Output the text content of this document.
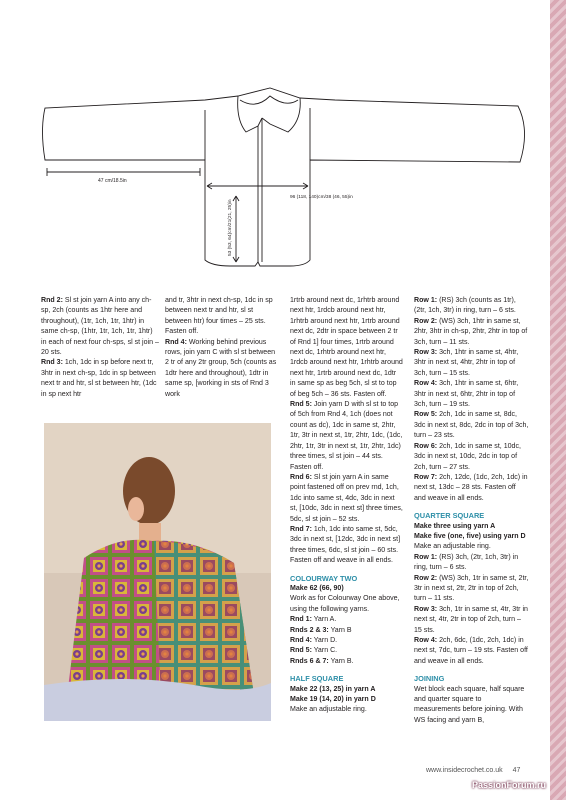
47 cm/18.5in
96 (118, 140)cm/38 (46, 55)in
53 (53, 64)cm/21(21, 25)in

Rnd 2: Sl st join yarn A into any ch-sp, 2ch (counts as 1htr here and throughout), (1tr, 1ch, 1tr, 1htr) in same ch-sp, (1htr, 1tr, 1ch, 1tr, 1htr) in each of next four ch-sps, sl st join – 20 sts.

Rnd 3: 1ch, 1dc in sp before next tr, 3htr in next ch-sp, 1dc in sp between next tr and htr, sl st between htr, (1dc in sp next htr

and tr, 3htr in next ch-sp, 1dc in sp between next tr and htr, sl st between htr) four times – 25 sts. Fasten off.

Rnd 4: Working behind previous rows, join yarn C with sl st between 2 tr of any 2tr group, 5ch (counts as 1dtr here and throughout), 1dtr in same sp, [working in sts of Rnd 3 work

1rtrb around next dc, 1rhtrb around next htr, 1rdcb around next htr, 1rhtrb around next htr, 1rtrb around next dc, 2dtr in space between 2 tr of Rnd 1] four times, 1rtrb around next dc, 1rhtrb around next htr, 1rdcb around next htr, 1rhtrb around next htr, 1rtrb around next dc, 1dtr in same sp as beg 5ch, sl st to top of beg 5ch – 36 sts. Fasten off.

Rnd 5: Join yarn D with sl st to top of 5ch from Rnd 4, 1ch (does not count as dc), 1dc in same st, 2htr, 1tr, 3tr in next st, 1tr, 2htr, 1dc, (1dc, 2htr, 1tr, 3tr in next st, 1tr, 2htr, 1dc) three times, sl st join – 44 sts. Fasten off.

Rnd 6: Sl st join yarn A in same point fastened off on prev rnd, 1ch, 1dc into same st, 4dc, 3dc in next st, [10dc, 3dc in next st] three times, 5dc, sl st join – 52 sts.

Rnd 7: 1ch, 1dc into same st, 5dc, 3dc in next st, [12dc, 3dc in next st] three times, 6dc, sl st join – 60 sts. Fasten off and weave in all ends.

COLOURWAY TWO

Make 62 (66, 90)

Work as for Colourway One above, using the following yarns.

Rnd 1: Yarn A.

Rnds 2 & 3: Yarn B

Rnd 4: Yarn D.

Rnd 5: Yarn C.

Rnds 6 & 7: Yarn B.

HALF SQUARE

Make 22 (13, 25) in yarn A

Make 19 (14, 20) in yarn D

Make an adjustable ring.

Row 1: (RS) 3ch (counts as 1tr), (2tr, 1ch, 3tr) in ring, turn – 6 sts.

Row 2: (WS) 3ch, 1htr in same st, 2htr, 3htr in ch-sp, 2htr, 2htr in top of 3ch, turn – 11 sts.

Row 3: 3ch, 1htr in same st, 4htr, 3htr in next st, 4htr, 2htr in top of 3ch, turn – 15 sts.

Row 4: 3ch, 1htr in same st, 6htr, 3htr in next st, 6htr, 2htr in top of 3ch, turn – 19 sts.

Row 5: 2ch, 1dc in same st, 8dc, 3dc in next st, 8dc, 2dc in top of 3ch, turn – 23 sts.

Row 6: 2ch, 1dc in same st, 10dc, 3dc in next st, 10dc, 2dc in top of 2ch, turn – 27 sts.

Row 7: 2ch, 12dc, (1dc, 2ch, 1dc) in next st, 13dc – 28 sts. Fasten off and weave in all ends.

QUARTER SQUARE

Make three using yarn A

Make five (one, five) using yarn D

Make an adjustable ring.

Row 1: (RS) 3ch, (2tr, 1ch, 3tr) in ring, turn – 6 sts.

Row 2: (WS) 3ch, 1tr in same st, 2tr, 3tr in next st, 2tr, 2tr in top of 2ch, turn – 11 sts.

Row 3: 3ch, 1tr in same st, 4tr, 3tr in next st, 4tr, 2tr in top of 2ch, turn – 15 sts.

Row 4: 2ch, 6dc, (1dc, 2ch, 1dc) in next st, 7dc, turn – 19 sts. Fasten off and weave in all ends.

JOINING

Wet block each square, half square and quarter square to measurements before joining. With WS facing and yarn B,

www.insidecrochet.co.uk 47
PassionForum.ru
